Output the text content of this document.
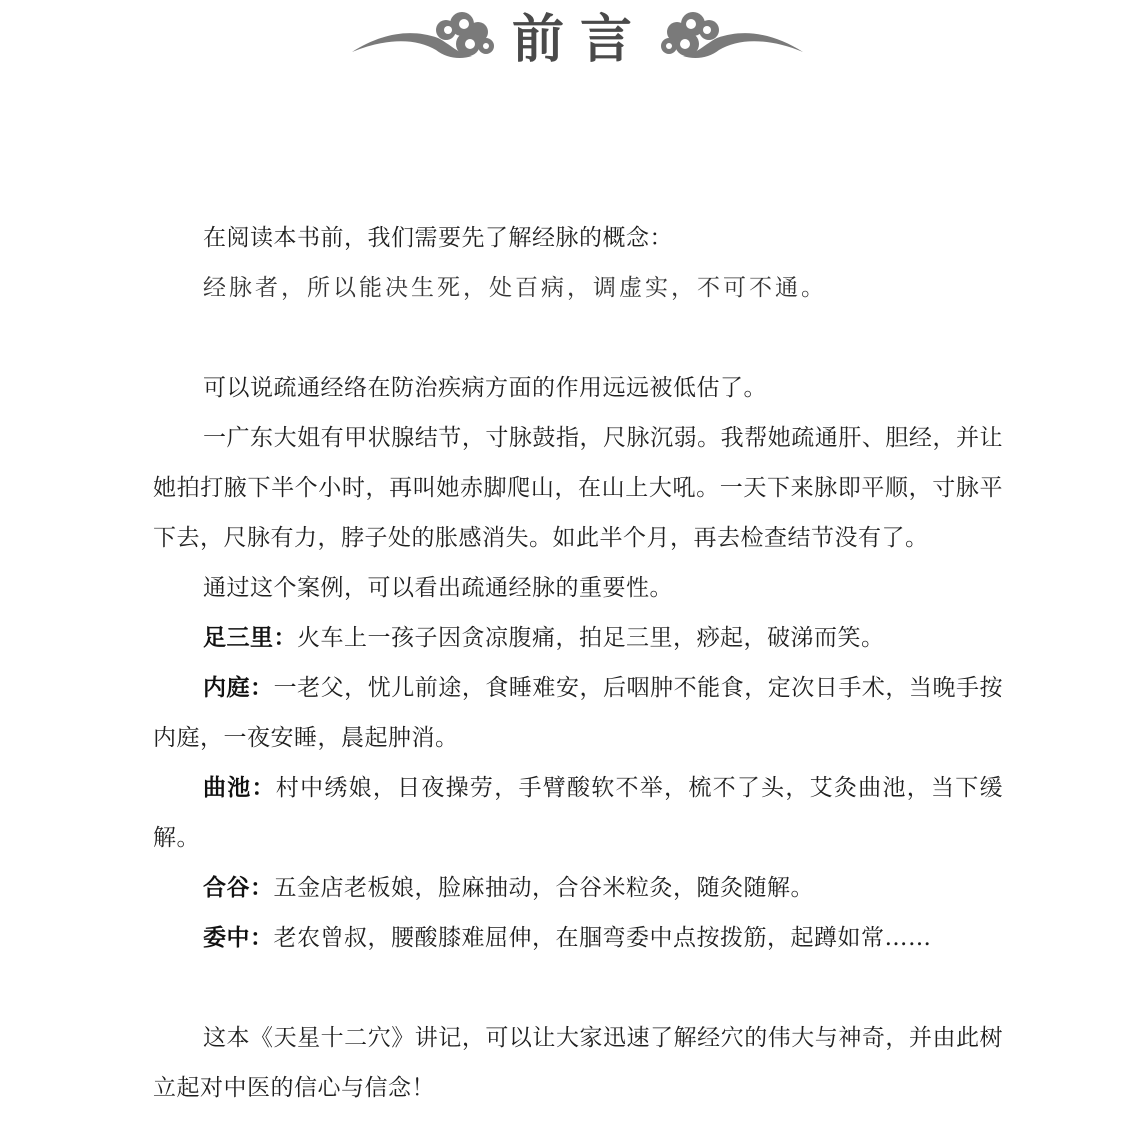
前言
在阅读本书前，我们需要先了解经脉的概念：
经脉者，所以能决生死，处百病，调虚实，不可不通。
可以说疏通经络在防治疾病方面的作用远远被低估了。
一广东大姐有甲状腺结节，寸脉鼓指，尺脉沉弱。我帮她疏通肝、胆经，并让她拍打腋下半个小时，再叫她赤脚爬山，在山上大吼。一天下来脉即平顺，寸脉平下去，尺脉有力，脖子处的胀感消失。如此半个月，再去检查结节没有了。
通过这个案例，可以看出疏通经脉的重要性。
足三里：火车上一孩子因贪凉腹痛，拍足三里，痧起，破涕而笑。
内庭：一老父，忧儿前途，食睡难安，后咽肿不能食，定次日手术，当晚手按内庭，一夜安睡，晨起肿消。
曲池：村中绣娘，日夜操劳，手臂酸软不举，梳不了头，艾灸曲池，当下缓解。
合谷：五金店老板娘，脸麻抽动，合谷米粒灸，随灸随解。
委中：老农曾叔，腰酸膝难屈伸，在腘弯委中点按拨筋，起蹲如常……
这本《天星十二穴》讲记，可以让大家迅速了解经穴的伟大与神奇，并由此树立起对中医的信心与信念！
